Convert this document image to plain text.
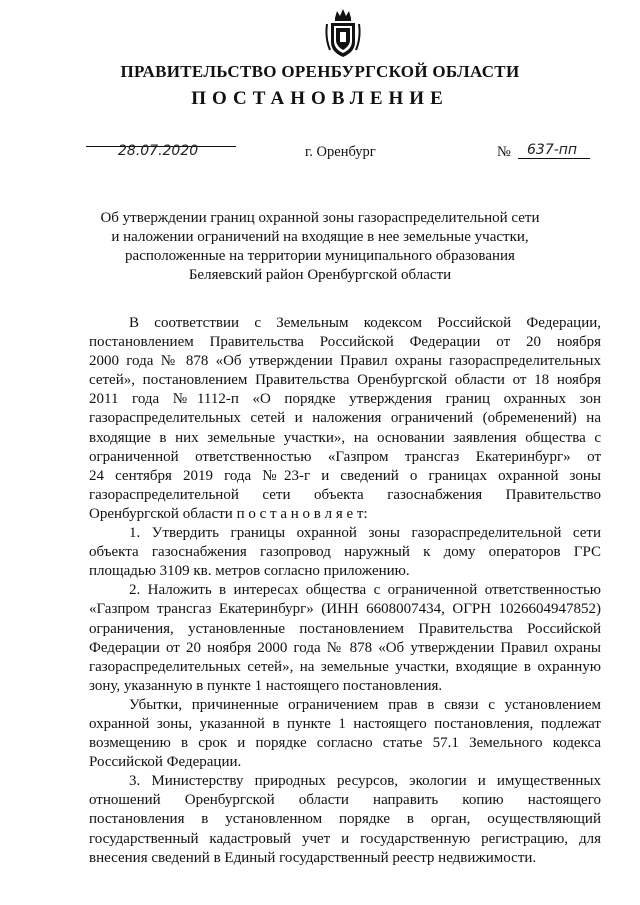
ПРАВИТЕЛЬСТВО ОРЕНБУРГСКОЙ ОБЛАСТИ
ПОСТАНОВЛЕНИЕ
28.07.2020	г. Оренбург	№ 637-пп
Об утверждении границ охранной зоны газораспределительной сети
и наложении ограничений на входящие в нее земельные участки,
расположенные на территории муниципального образования
Беляевский район Оренбургской области
В соответствии с Земельным кодексом Российской Федерации,
постановлением Правительства Российской Федерации от 20 ноября
2000 года № 878 «Об утверждении Правил охраны газораспределительных
сетей», постановлением Правительства Оренбургской области от 18 ноября
2011 года №1112-п «О порядке утверждения границ охранных зон
газораспределительных сетей и наложения ограничений (обременений) на
входящие в них земельные участки», на основании заявления общества с
ограниченной ответственностью «Газпром трансгаз Екатеринбург» от
24 сентября 2019 года №23-г и сведений о границах охранной зоны
газораспределительной сети объекта газоснабжения Правительство
Оренбургской области п о с т а н о в л я е т:
1. Утвердить границы охранной зоны газораспределительной сети
объекта газоснабжения газопровод наружный к дому операторов ГРС
площадью 3109 кв. метров согласно приложению.
2. Наложить в интересах общества с ограниченной ответственностью
«Газпром трансгаз Екатеринбург» (ИНН 6608007434, ОГРН 1026604947852)
ограничения, установленные постановлением Правительства Российской
Федерации от 20 ноября 2000 года № 878 «Об утверждении Правил охраны
газораспределительных сетей», на земельные участки, входящие в охранную
зону, указанную в пункте 1 настоящего постановления.
Убытки, причиненные ограничением прав в связи с установлением
охранной зоны, указанной в пункте 1 настоящего постановления, подлежат
возмещению в срок и порядке согласно статье 57.1 Земельного кодекса
Российской Федерации.
3. Министерству природных ресурсов, экологии и имущественных
отношений Оренбургской области направить копию настоящего
постановления в установленном порядке в орган, осуществляющий
государственный кадастровый учет и государственную регистрацию, для
внесения сведений в Единый государственный реестр недвижимости.
